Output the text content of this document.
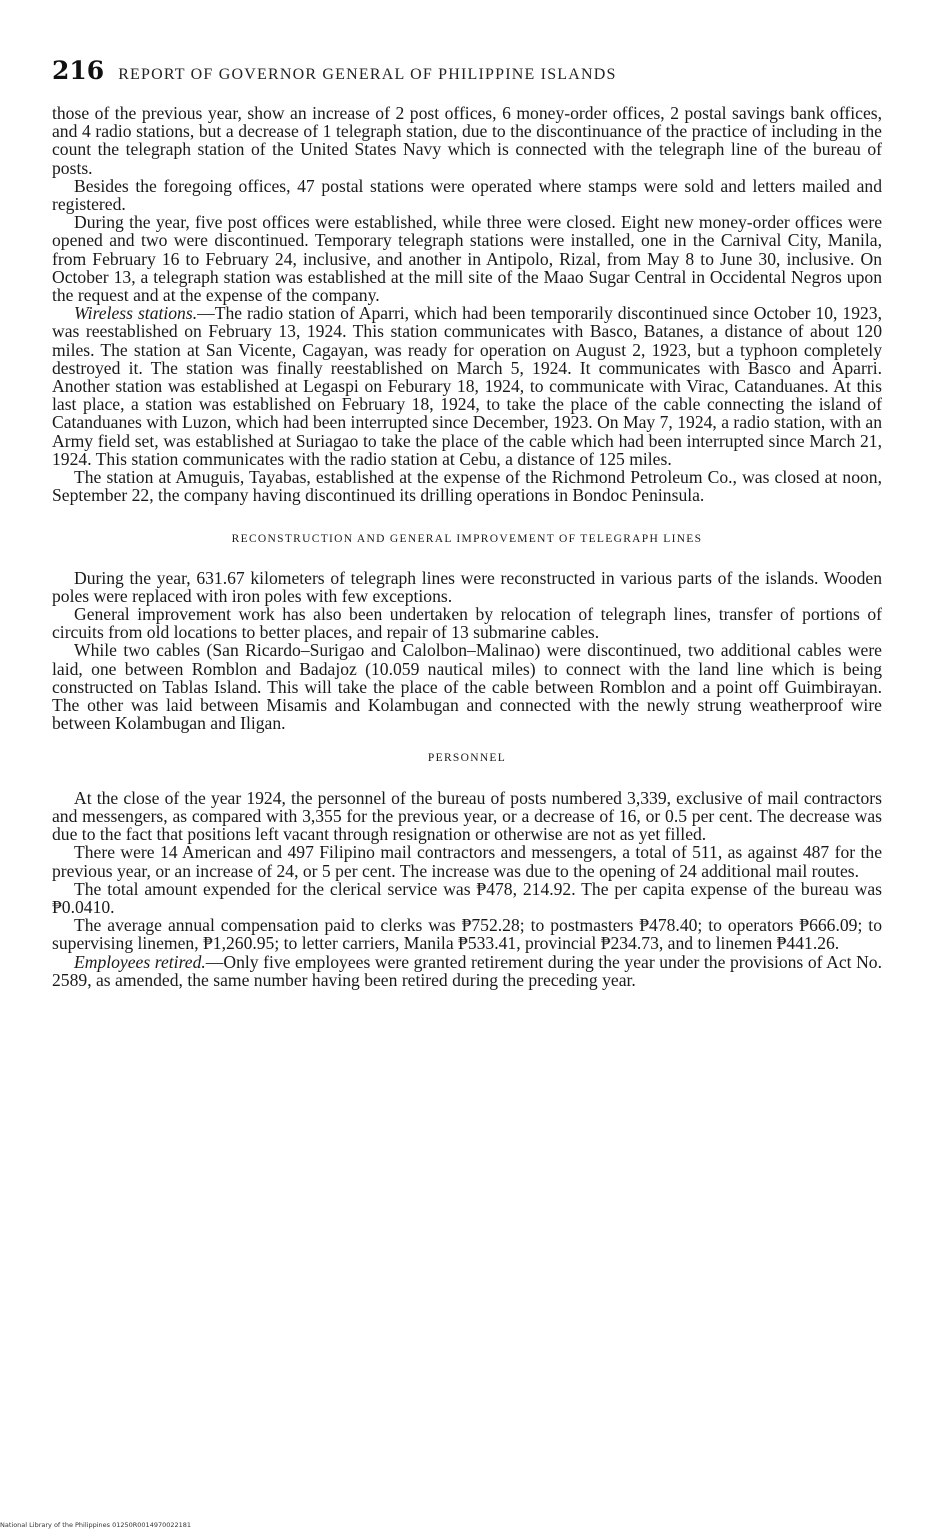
216 REPORT OF GOVERNOR GENERAL OF PHILIPPINE ISLANDS

those of the previous year, show an increase of 2 post offices, 6 money-order offices, 2 postal savings bank offices, and 4 radio stations, but a decrease of 1 telegraph station, due to the discontinuance of the practice of including in the count the telegraph station of the United States Navy which is connected with the telegraph line of the bureau of posts.

Besides the foregoing offices, 47 postal stations were operated where stamps were sold and letters mailed and registered.

During the year, five post offices were established, while three were closed. Eight new money-order offices were opened and two were discontinued. Temporary telegraph stations were installed, one in the Carnival City, Manila, from February 16 to February 24, inclusive, and another in Antipolo, Rizal, from May 8 to June 30, inclusive. On October 13, a telegraph station was established at the mill site of the Maao Sugar Central in Occidental Negros upon the request and at the expense of the company.

Wireless stations.—The radio station of Aparri, which had been temporarily discontinued since October 10, 1923, was reestablished on February 13, 1924. This station communicates with Basco, Batanes, a distance of about 120 miles. The station at San Vicente, Cagayan, was ready for operation on August 2, 1923, but a typhoon completely destroyed it. The station was finally reestablished on March 5, 1924. It communicates with Basco and Aparri. Another station was established at Legaspi on Feburary 18, 1924, to communicate with Virac, Catanduanes. At this last place, a station was established on February 18, 1924, to take the place of the cable connecting the island of Catanduanes with Luzon, which had been interrupted since December, 1923. On May 7, 1924, a radio station, with an Army field set, was established at Suriagao to take the place of the cable which had been interrupted since March 21, 1924. This station communicates with the radio station at Cebu, a distance of 125 miles.

The station at Amuguis, Tayabas, established at the expense of the Richmond Petroleum Co., was closed at noon, September 22, the company having discontinued its drilling operations in Bondoc Peninsula.

RECONSTRUCTION AND GENERAL IMPROVEMENT OF TELEGRAPH LINES

During the year, 631.67 kilometers of telegraph lines were reconstructed in various parts of the islands. Wooden poles were replaced with iron poles with few exceptions.

General improvement work has also been undertaken by relocation of telegraph lines, transfer of portions of circuits from old locations to better places, and repair of 13 submarine cables.

While two cables (San Ricardo–Surigao and Calolbon–Malinao) were discontinued, two additional cables were laid, one between Romblon and Badajoz (10.059 nautical miles) to connect with the land line which is being constructed on Tablas Island. This will take the place of the cable between Romblon and a point off Guimbirayan. The other was laid between Misamis and Kolambugan and connected with the newly strung weatherproof wire between Kolambugan and Iligan.

PERSONNEL

At the close of the year 1924, the personnel of the bureau of posts numbered 3,339, exclusive of mail contractors and messengers, as compared with 3,355 for the previous year, or a decrease of 16, or 0.5 per cent. The decrease was due to the fact that positions left vacant through resignation or otherwise are not as yet filled.

There were 14 American and 497 Filipino mail contractors and messengers, a total of 511, as against 487 for the previous year, or an increase of 24, or 5 per cent. The increase was due to the opening of 24 additional mail routes.

The total amount expended for the clerical service was ₱478, 214.92. The per capita expense of the bureau was ₱0.0410.

The average annual compensation paid to clerks was ₱752.28; to postmasters ₱478.40; to operators ₱666.09; to supervising linemen, ₱1,260.95; to letter carriers, Manila ₱533.41, provincial ₱234.73, and to linemen ₱441.26.

Employees retired.—Only five employees were granted retirement during the year under the provisions of Act No. 2589, as amended, the same number having been retired during the preceding year.

National Library of the Philippines 01250R0014970022181
